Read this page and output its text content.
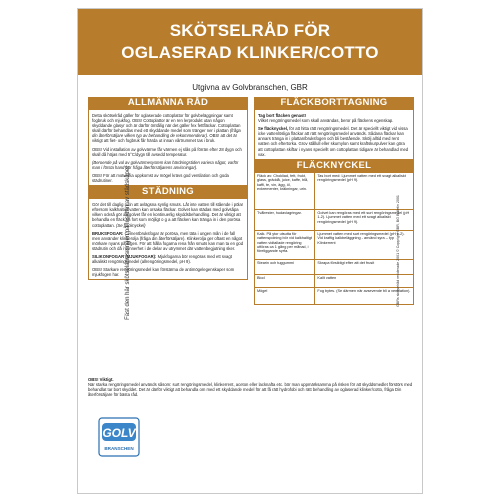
SKÖTSELRÅD FÖR
OGLASERAD KLINKER/COTTO
Utgivna av Golvbranschen, GBR
ALLMÄNNA RÅD

Detta skötselråd gäller för oglaserade cottoplattor för golvbeläggningar samt fogbruk och mjukfog. OBS! Cottoplattor är en ren lerprodukt utan någon skyddande glasyr och är därför ömtålig när det gäller fex fettfläckar. Cottoplattan skall därför behandlas med ett skyddande medel som tränger ner i plattan (fråga din återförsäljare vilken typ av behandling de rekommenderar). OBS! att det är viktigt att fiet- och fogbruk får härda ut innan vårtrummet tas i bruk.

OBS! Vid installation av golvvärme får värmen ej slås på förrän efter 28 dygn och skall då höjas med 5°C/dygn till avsedd temperatur.

(Beroende på val av golvvärmesystem kan härdningstiden variera något, varför man i första hand bör fråga återförsäljarens anvisningar).

OBS! För att motverka uppkomst av mögel krävs god ventilation och goda städrutiner.

STÄDNING

Gör det till daglig rutin att avlägsna synlig smuts. Låt inte vatten till stående i pölar eftersom kalkhaltigt vatten kan orsaka fläckar. Golvet kan städas med golvsåpa vilken också gör att golvet får en kontinuerlig skyddsbehandling. Det är viktigt att behandla en fläck så fort som möjligt o g a att fläcken kan tränga in i den porösa cottoplattan. (Se fläcknyckel)

BRUKSFOGAR: Cementbruksfogar är porösa, men täta i ungen mån i de fall men använder klinkerolja (fråga din återförsäljare). Klinkerolja ger oftast en något mörkare nyans på fogen. För att hålla fogarna rena från smuts kan man ta en god städrutin och då i synnerhet i de delar av utrymmet där vattenbegjutning sker.

SILIKONFOGAR (MJUKFOGAR): Mjukfogarna bör rengöras med ett svagt alkaliskt rengöringsmedel (allrengöringsmedel, pH 9).

OBS! Starkare rengöringsmedel kan förstärma de antimögelegenskaper som mjukfogen har.

FLÄCKBORTTAGNING

Tag bort fläcken genast!
Vilket rengöringsmedel som skall användas, beror på fläckens egenskap.

Se fläcknyckel, för att hitta rätt rengöringsmedel. Det är speciellt viktigt vid vissa icke vattenlösliga fläckar att rätt rengöringsmedel används. Sådana fläckar kan annars tränga in i plattan/bruksfogen och bli bestående. Skölj alltid med rent vatten och eftertorka. Grov stållull eller skurnylon samt kraftskurpulver kan göra att cottoplattan skiftar i nyans speciellt om cottoplattan tidigare är behandlad med vax.

FLÄCKNYCKEL
Fläck av: Chokliad, fett, frukt, glass, gräddå, juice, kaffe, blå, kaffi, te, vin, ägg, öl, exkrementer, kräkningar, urin.	Tas bort med: Ljummet vatten med ett svagt alkaliskt rengöringsmedel (pH 9).
Tvålrester, hudavlagringar.	Golvet kan rengöras med ett surt rengöringsmedel (pH 1-2). Ljummet vatten med ett svagt alkaliskt rengöringsmedel (pH 9).
Kalk. På ytor utsutta för vattenspolning bör vid kalkhaltigt vatten vidtallade rengöring utföras ca 1 gång per månad, i föreliggande syrfa.	Ljummet vatten med surt rengöringsmedel (pH 1-2). Vid kraftig kalkbeläggning - använd syra – typ Klinkerrent
Stearin och tuggummi	Skrapa försiktigt efter att det frusit
Blod	Kallt vatten
Mögel	Fog bytes. (Se därmen när avsevende bli a ventilation).
OBS! Viktigt.
När starka rengöringsmedel används såsom: surt rengöringsmedel, klinkerrent, aceton eller lacknafta etc. bör man uppmärksamma på risken för att skyddsmedlet förstörs med behandlat tar bort skyddet. Det är därför viktigt att behandla om med ett skyddande medel för att få rätt hydrofobi och rätt behandling av oglaserad klinker/cotto, fråga Din återförsäljare för bästa råd.
GOLV
BRANSCHEN
GBRs skötselråd reviderade 2001 © Copyright GBR, BG Bulletin 2001
Fäst den här skötselanvisningen på insidan av städskåpet
